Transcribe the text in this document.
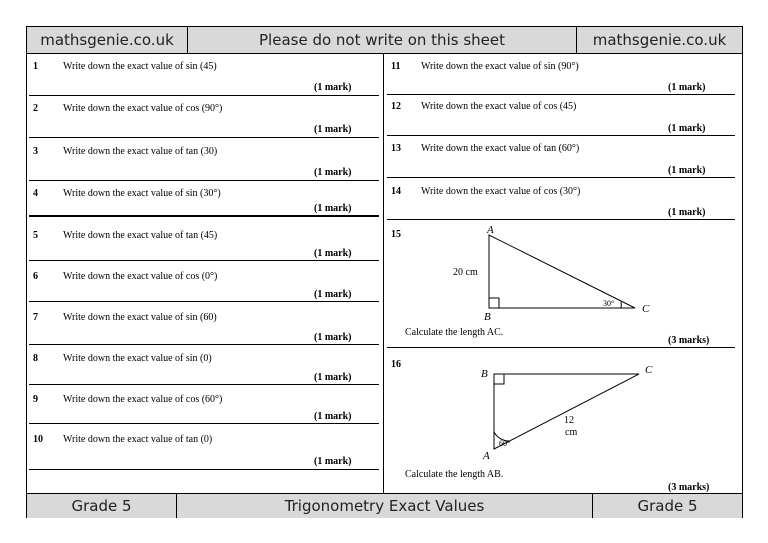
mathsgenie.co.uk	Please do not write on this sheet	mathsgenie.co.uk
1	Write down the exact value of sin (45)
(1 mark)
2	Write down the exact value of cos (90°)
(1 mark)
3	Write down the exact value of tan (30)
(1 mark)
4	Write down the exact value of sin (30°)
(1 mark)
5	Write down the exact value of tan (45)
(1 mark)
6	Write down the exact value of cos (0°)
(1 mark)
7	Write down the exact value of sin (60)
(1 mark)
8	Write down the exact value of sin (0)
(1 mark)
9	Write down the exact value of cos (60°)
(1 mark)
10 Write down the exact value of tan (0)
(1 mark)
11 Write down the exact value of sin (90°)
(1 mark)
12 Write down the exact value of cos (45)
(1 mark)
13 Write down the exact value of tan (60°)
(1 mark)
14 Write down the exact value of cos (30°)
(1 mark)
15	A
B
C
20 cm
30°
Calculate the length AC.
(3 marks)
16
B	C
A
12
cm
60°
Calculate the length AB.
(3 marks)
Grade 5	Trigonometry Exact Values	Grade 5
